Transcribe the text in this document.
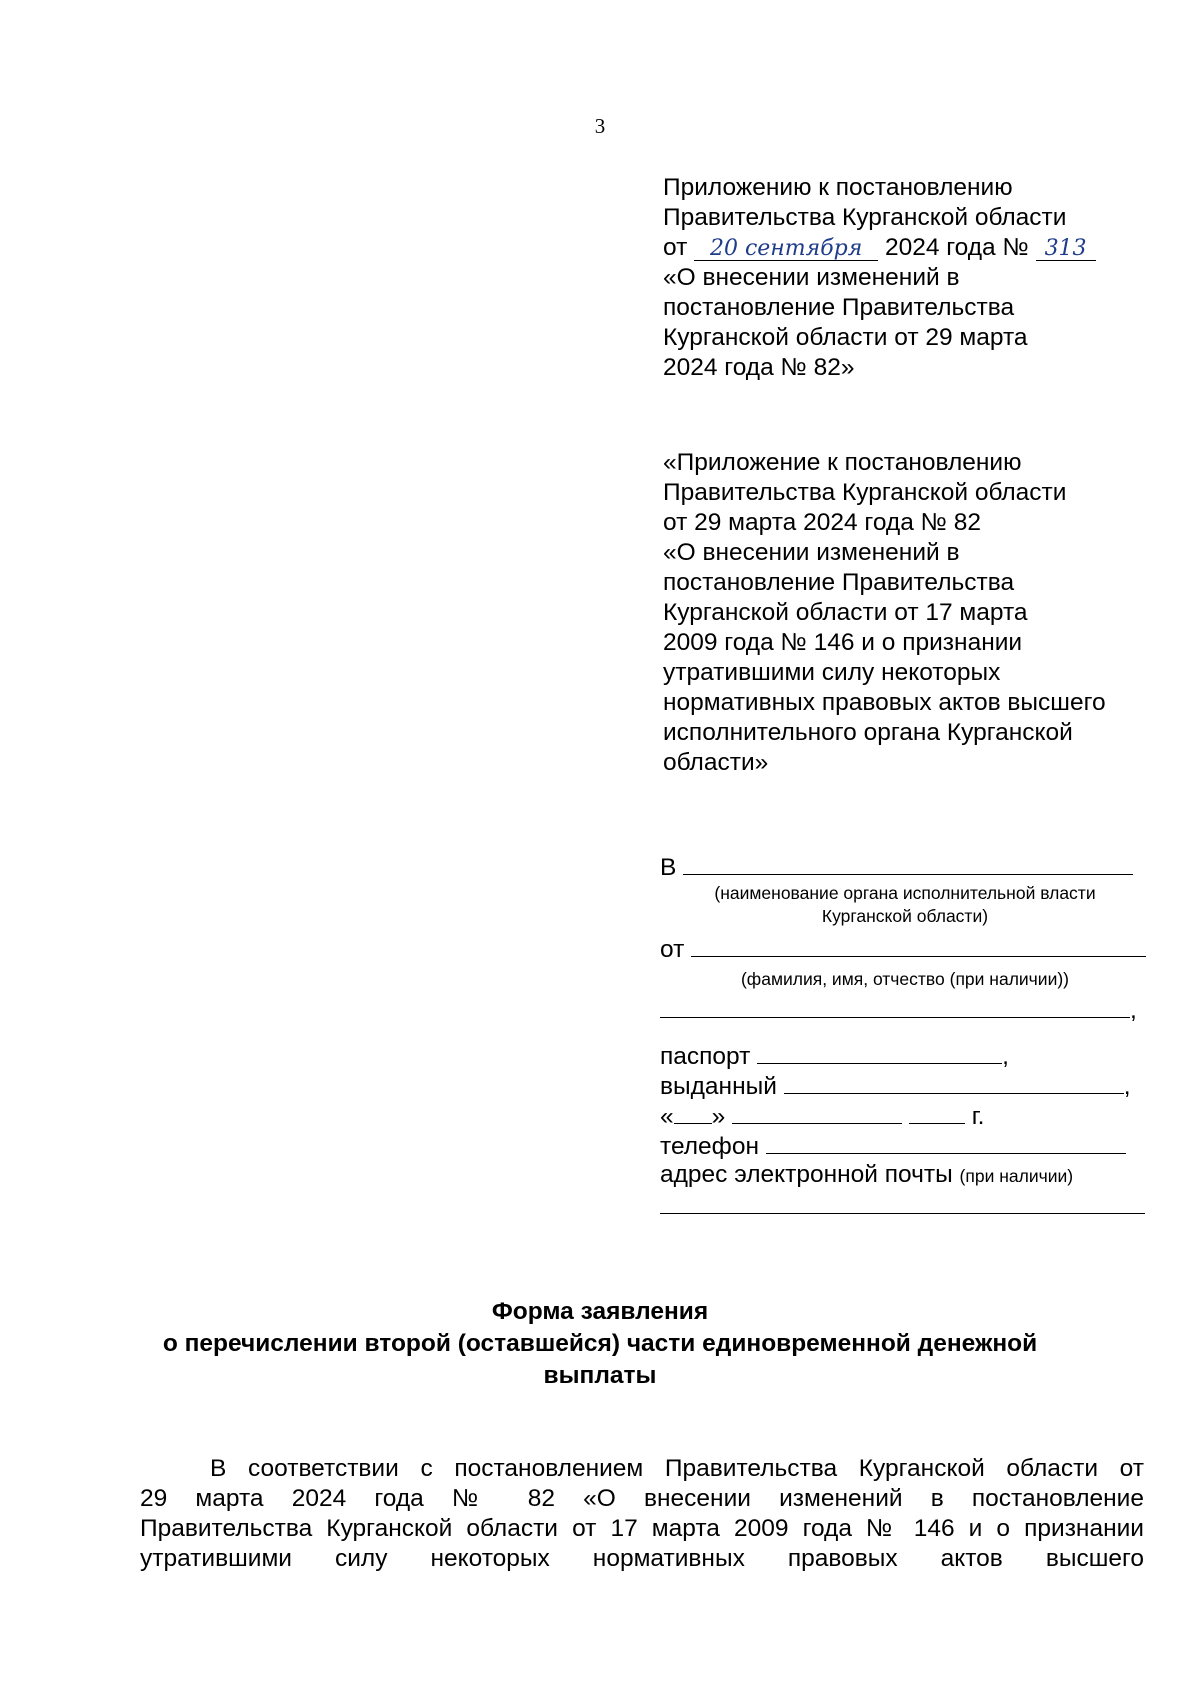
3
Приложению к постановлению
Правительства Курганской области
от 20 сентября 2024 года № 313
«О внесении изменений в
постановление Правительства
Курганской области от 29 марта
2024 года № 82»
«Приложение к постановлению
Правительства Курганской области
от 29 марта 2024 года № 82
«О внесении изменений в
постановление Правительства
Курганской области от 17 марта
2009 года № 146 и о признании
утратившими силу некоторых
нормативных правовых актов высшего
исполнительного органа Курганской
области»
В
(наименование органа исполнительной власти
Курганской области)
от
(фамилия, имя, отчество (при наличии))
,
паспорт	,
выданный	,
« »	г.
телефон
адрес электронной почты (при наличии)
Форма заявления
о перечислении второй (оставшейся) части единовременной денежной
выплаты
В соответствии с постановлением Правительства Курганской области от
29 марта 2024 года № 82 «О внесении изменений в постановление
Правительства Курганской области от 17 марта 2009 года № 146 и о признании
утратившими силу некоторых нормативных правовых актов высшего
